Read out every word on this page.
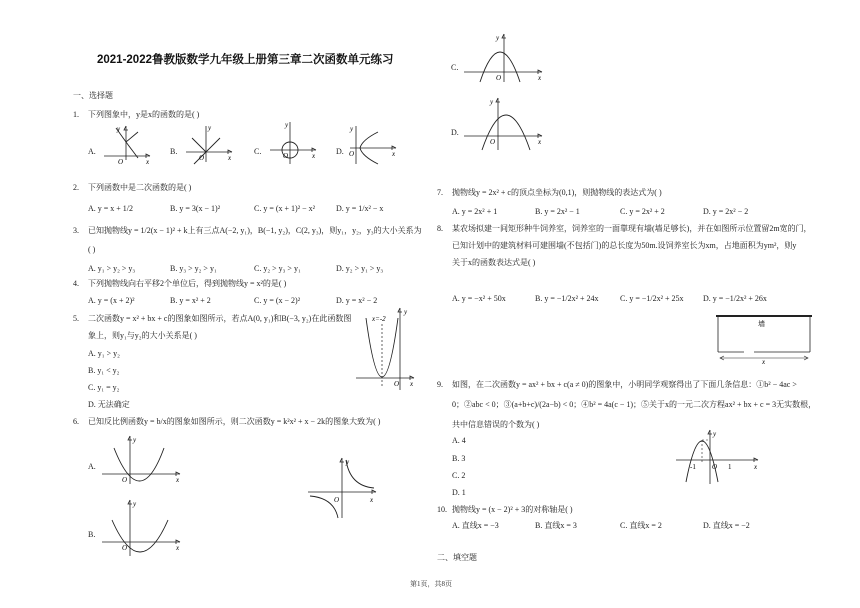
2021-2022鲁教版数学九年级上册第三章二次函数单元练习
一、选择题
1. 下列图象中，y是x的函数的是( )
A.	B.	C.	D.
O
y
x	O
y
x	O
y
x	O
y
x
2. 下列函数中是二次函数的是( )
A. y = x + 1/2	B. y = 3(x − 1)²	C. y = (x + 1)² − x²	D. y = 1/x² − x
3. 已知抛物线y = 1/2(x − 1)² + k上有三点A(−2, y₁)，B(−1, y₂)，C(2, y₃)，则y₁，y₂，y₃的大小关系为
( )
A. y₁ > y₂ > y₃	B. y₃ > y₂ > y₁	C. y₂ > y₃ > y₁	D. y₂ > y₁ > y₃
4. 下列抛物线向右平移2个单位后，得到抛物线y = x²的是( )
A. y = (x + 2)²	B. y = x² + 2	C. y = (x − 2)²	D. y = x² − 2
5. 二次函数y = x² + bx + c的图象如图所示，若点A(0, y₁)和B(−3, y₂)在此函数图
象上，则y₁与y₂的大小关系是( )
A. y₁ > y₂
B. y₁ < y₂
C. y₁ = y₂
D. 无法确定
x=-2
y
x
O
6. 已知反比例函数y = b/x的图象如图所示，则二次函数y = k²x² + x − 2k的图象大致为( )
A.
B.
O
y
x
O
y
x
O
y
x
C.
D.
O
y
x
O
y
x
7. 抛物线y = 2x² + c的顶点坐标为(0,1)，则抛物线的表达式为( )
A. y = 2x² + 1	B. y = 2x² − 1	C. y = 2x² + 2	D. y = 2x² − 2
8. 某农场拟建一间矩形种牛饲养室，饲养室的一面靠现有墙(墙足够长)，并在如图所示位置留2m宽的门，
已知计划中的建筑材料可建围墙(不包括门)的总长度为50m.设饲养室长为xm，占地面积为ym²，则y
关于x的函数表达式是( )
A. y = −x² + 50x	B. y = −1/2x² + 24x	C. y = −1/2x² + 25x D. y = −1/2x² + 26x
墙
x
9. 如图，在二次函数y = ax² + bx + c(a ≠ 0)的图象中，小明同学观察得出了下面几条信息：①b² − 4ac >
0；②abc < 0；③(a+b+c)/(2a−b) < 0；④b² = 4a(c − 1)；⑤关于x的一元二次方程ax² + bx + c = 3无实数根，
共中信息错误的个数为( )
A. 4
B. 3
C. 2
D. 1
-1	1
O
y
x
10. 抛物线y = (x − 2)² + 3的对称轴是( )
A. 直线x = −3	B. 直线x = 3	C. 直线x = 2	D. 直线x = −2
二、填空题
第1页，共8页
